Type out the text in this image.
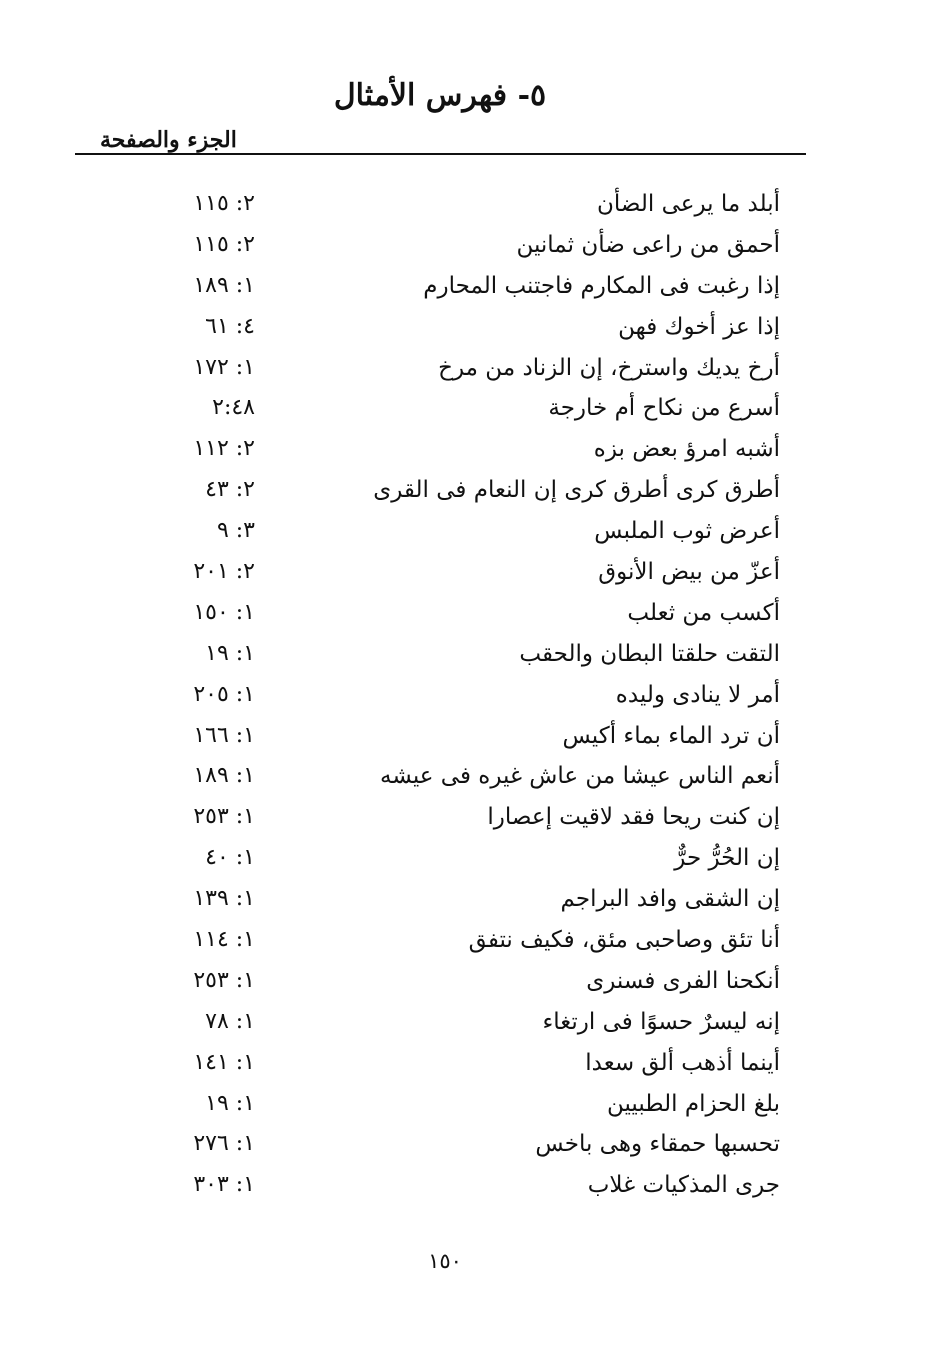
٥- فهرس الأمثال
الجزء والصفحة
أبلد ما يرعى الضأن
٢: ١١٥
أحمق من راعى ضأن ثمانين
٢: ١١٥
إذا رغبت فى المكارم فاجتنب المحارم
١: ١٨٩
إذا عز أخوك فهن
٤: ٦١
أرخ يديك واسترخ، إن الزناد من مرخ
١: ١٧٢
أسرع من نكاح أم خارجة
٢:٤٨
أشبه امرؤ بعض بزه
٢: ١١٢
أطرق كرى أطرق كرى إن النعام فى القرى
٢: ٤٣
أعرض ثوب الملبس
٣: ٩
أعزّ من بيض الأنوق
٢: ٢٠١
أكسب من ثعلب
١: ١٥٠
التقت حلقتا البطان والحقب
١: ١٩
أمر لا ينادى وليده
١: ٢٠٥
أن ترد الماء بماء أكيس
١: ١٦٦
أنعم الناس عيشا من عاش غيره فى عيشه
١: ١٨٩
إن كنت ريحا فقد لاقيت إعصارا
١: ٢٥٣
إن الحُرُّ حرٌّ
١: ٤٠
إن الشقى وافد البراجم
١: ١٣٩
أنا تئق وصاحبى مئق، فكيف نتفق
١: ١١٤
أنكحنا الفرى فسنرى
١: ٢٥٣
إنه ليسرٌ حسوًا فى ارتغاء
١: ٧٨
أينما أذهب ألق سعدا
١: ١٤١
بلغ الحزام الطبيين
١: ١٩
تحسبها حمقاء وهى باخس
١: ٢٧٦
جرى المذكيات غلاب
١: ٣٠٣
١٥٠
